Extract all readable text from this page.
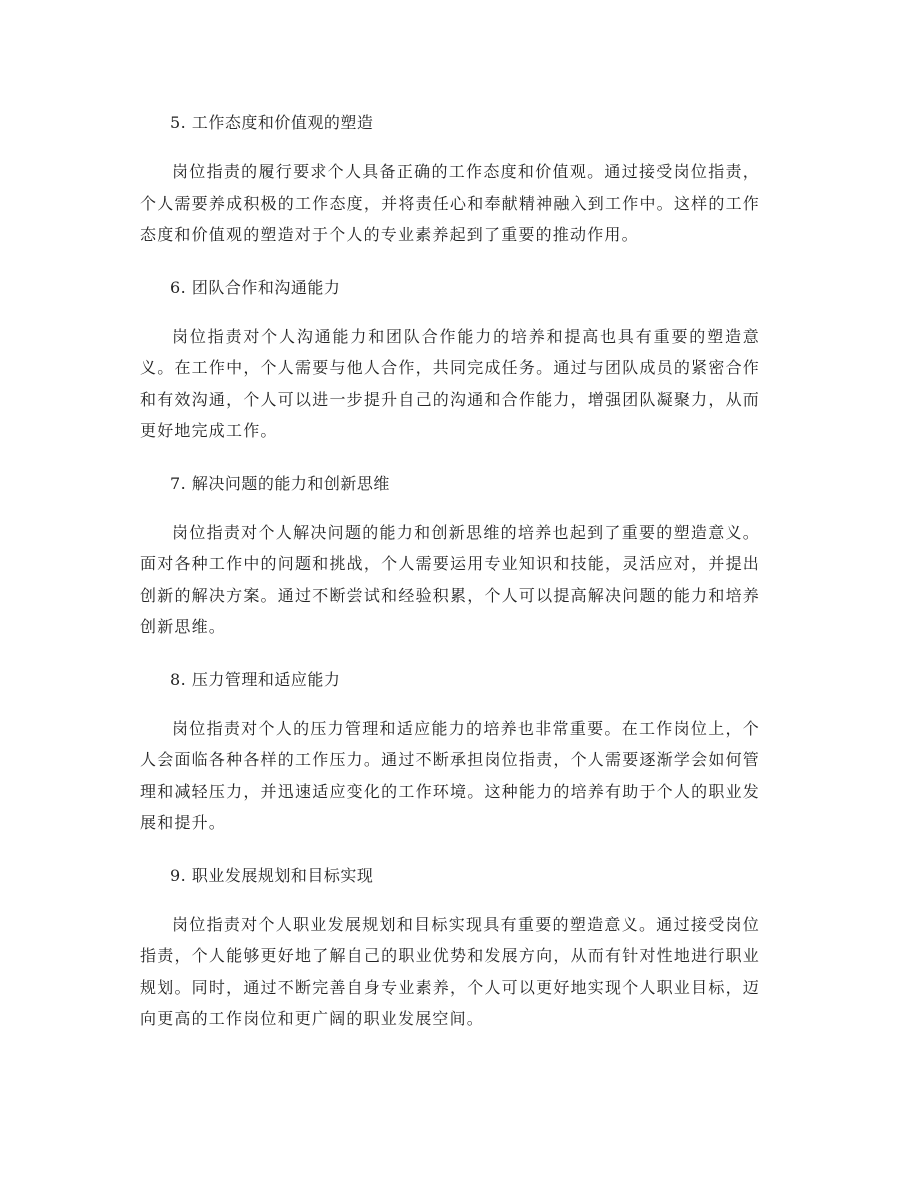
5. 工作态度和价值观的塑造

岗位指责的履行要求个人具备正确的工作态度和价值观。通过接受岗位指责，个人需要养成积极的工作态度，并将责任心和奉献精神融入到工作中。这样的工作态度和价值观的塑造对于个人的专业素养起到了重要的推动作用。

6. 团队合作和沟通能力

岗位指责对个人沟通能力和团队合作能力的培养和提高也具有重要的塑造意义。在工作中，个人需要与他人合作，共同完成任务。通过与团队成员的紧密合作和有效沟通，个人可以进一步提升自己的沟通和合作能力，增强团队凝聚力，从而更好地完成工作。

7. 解决问题的能力和创新思维

岗位指责对个人解决问题的能力和创新思维的培养也起到了重要的塑造意义。面对各种工作中的问题和挑战，个人需要运用专业知识和技能，灵活应对，并提出创新的解决方案。通过不断尝试和经验积累，个人可以提高解决问题的能力和培养创新思维。

8. 压力管理和适应能力

岗位指责对个人的压力管理和适应能力的培养也非常重要。在工作岗位上，个人会面临各种各样的工作压力。通过不断承担岗位指责，个人需要逐渐学会如何管理和减轻压力，并迅速适应变化的工作环境。这种能力的培养有助于个人的职业发展和提升。

9. 职业发展规划和目标实现

岗位指责对个人职业发展规划和目标实现具有重要的塑造意义。通过接受岗位指责，个人能够更好地了解自己的职业优势和发展方向，从而有针对性地进行职业规划。同时，通过不断完善自身专业素养，个人可以更好地实现个人职业目标，迈向更高的工作岗位和更广阔的职业发展空间。
